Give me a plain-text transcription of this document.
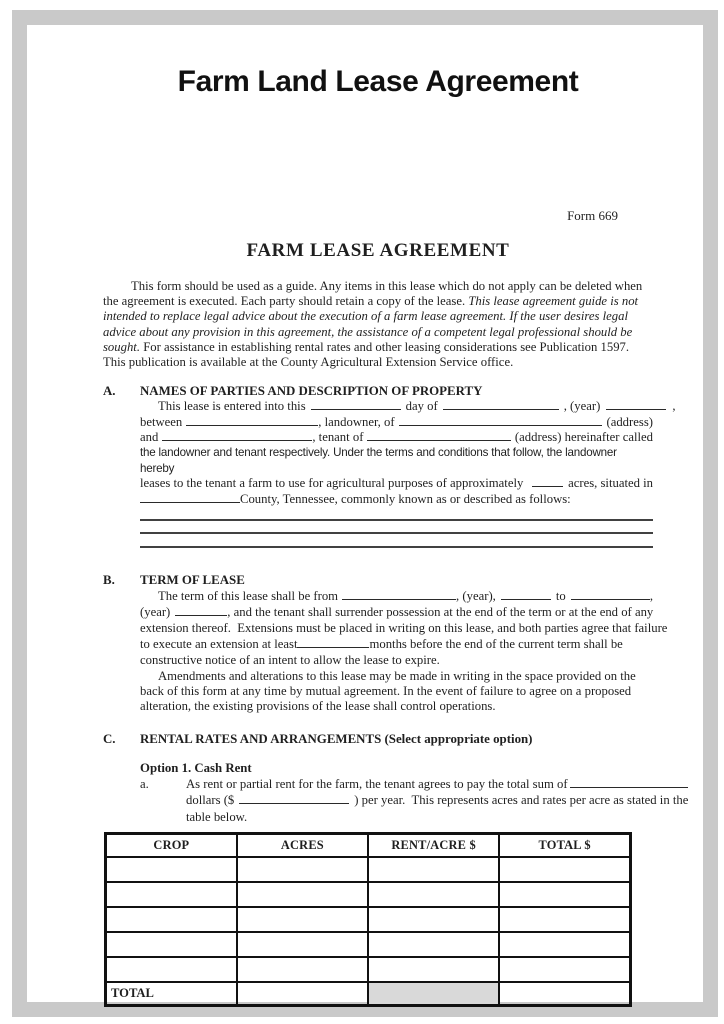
Farm Land Lease Agreement
Form 669
FARM LEASE AGREEMENT

This form should be used as a guide. Any items in this lease which do not apply can be deleted when the agreement is executed. Each party should retain a copy of the lease. This lease agreement guide is not intended to replace legal advice about the execution of a farm lease agreement. If the user desires legal advice about any provision in this agreement, the assistance of a competent legal professional should be sought. For assistance in establishing rental rates and other leasing considerations see Publication 1597. This publication is available at the County Agricultural Extension Service office.

A.	NAMES OF PARTIES AND DESCRIPTION OF PROPERTY
This lease is entered into this	day of	, (year)	,
between	, landowner, of	(address)
and	, tenant of	(address) hereinafter called
the landowner and tenant respectively. Under the terms and conditions that follow, the landowner hereby
leases to the tenant a farm to use for agricultural purposes of approximately	acres, situated in
County, Tennessee, commonly known as or described as follows:
B.	TERM OF LEASE
The term of this lease shall be from	, (year),	to	,
(year)	, and the tenant shall surrender possession at the end of the term or at the end of any
extension thereof.  Extensions must be placed in writing on this lease, and both parties agree that failure
to execute an extension at least	months before the end of the current term shall be
constructive notice of an intent to allow the lease to expire.

Amendments and alterations to this lease may be made in writing in the space provided on the back of this form at any time by mutual agreement. In the event of failure to agree on a proposed alteration, the existing provisions of the lease shall control operations.

C.	RENTAL RATES AND ARRANGEMENTS (Select appropriate option)
Option 1. Cash Rent
a.	As rent or partial rent for the farm, the tenant agrees to pay the total sum of
dollars ($	) per year.  This represents acres and rates per acre as stated in the
table below.
CROP	ACRES	RENT/ACRE $	TOTAL $

TOTAL			
